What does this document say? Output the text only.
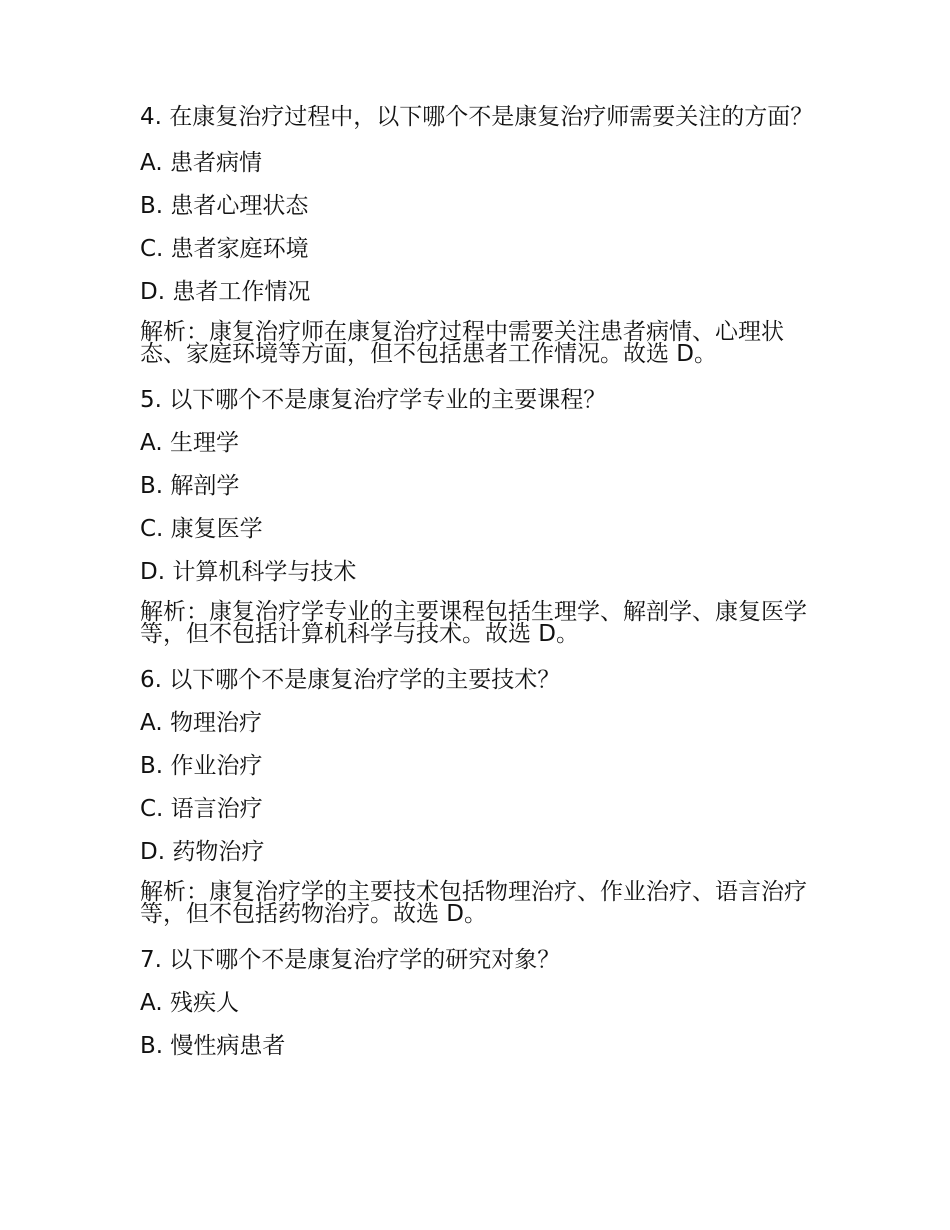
4. 在康复治疗过程中，以下哪个不是康复治疗师需要关注的方面？

A. 患者病情

B. 患者心理状态

C. 患者家庭环境

D. 患者工作情况

解析：康复治疗师在康复治疗过程中需要关注患者病情、心理状态、家庭环境等方面，但不包括患者工作情况。故选 D。

5. 以下哪个不是康复治疗学专业的主要课程？

A. 生理学

B. 解剖学

C. 康复医学

D. 计算机科学与技术

解析：康复治疗学专业的主要课程包括生理学、解剖学、康复医学等，但不包括计算机科学与技术。故选 D。

6. 以下哪个不是康复治疗学的主要技术？

A. 物理治疗

B. 作业治疗

C. 语言治疗

D. 药物治疗

解析：康复治疗学的主要技术包括物理治疗、作业治疗、语言治疗等，但不包括药物治疗。故选 D。

7. 以下哪个不是康复治疗学的研究对象？

A. 残疾人

B. 慢性病患者
